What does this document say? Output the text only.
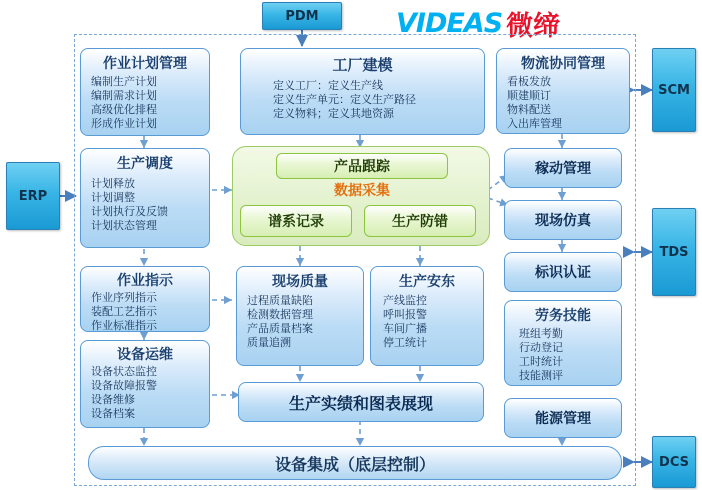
VIDEAS 微缔
PDM
SCM
ERP
TDS
DCS
作业计划管理
编制生产计划
编制需求计划
高级优化排程
形成作业计划
生产调度
计划释放
计划调整
计划执行及反馈
计划状态管理
作业指示
作业序列指示
装配工艺指示
作业标准指示
设备运维
设备状态监控
设备故障报警
设备维修
设备档案
工厂建模
定义工厂：定义生产线
定义生产单元：定义生产路径
定义物料；定义其地资源
产品跟踪
数据采集
谱系记录	生产防错
现场质量
过程质量缺陷
检测数据管理
产品质量档案
质量追溯
生产安东
产线监控
呼叫报警
车间广播
停工统计
物流协同管理
看板发放
顺建顺订
物料配送
入出库管理
稼动管理
现场仿真
标识认证
劳务技能
班组考勤
行动登记
工时统计
技能测评
能源管理
生产实绩和图表展现
设备集成（底层控制）
